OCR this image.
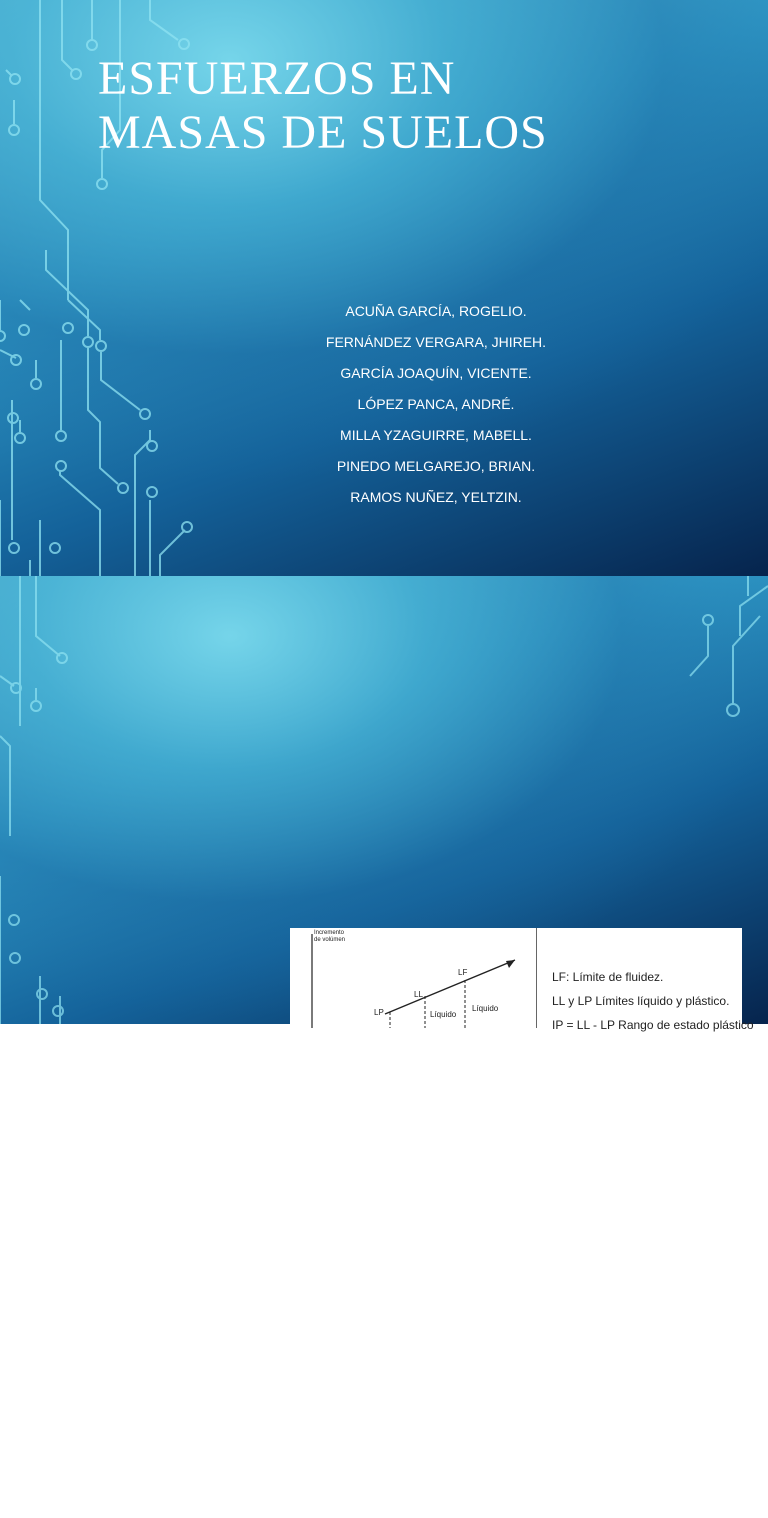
ESFUERZOS EN
MASAS DE SUELOS
ACUÑA GARCÍA, ROGELIO.
FERNÁNDEZ VERGARA, JHIREH.
GARCÍA JOAQUÍN, VICENTE.
LÓPEZ PANCA, ANDRÉ.
MILLA YZAGUIRRE, MABELL.
PINEDO MELGAREJO, BRIAN.
RAMOS NUÑEZ, YELTZIN.
INTRODUCCION
• Cuando se construye una cimentación, tienen lugar cambios en el suelo bajo la cimentación. El esfuerzo neto usualmente se incrementa. Este aumento del esfuerzo neto usualmente se incrementa por la carga de área unitaria a la que la cimentación está sometido.
• Según algunos aspectos relacionados con las deformaciones de un suelo sometido a fuerzas externas (como una estructura). Se a relacionado el efecto del agua a su comportamiento ya que podríamos decir que entre mas agua tenga un suelo menos resistencia tendrá por su extrema fluidez.
• Se han definido los limites de la fases del suelo, visto como una estructura trifásica por solidos de agua y a
Incremento
de volúmen
LF
LL
LP	Líquido
Líquido
LF: Límite de fluidez.
LL y LP Límites líquido y plástico.
IP = LL - LP Rango de estado plástico
